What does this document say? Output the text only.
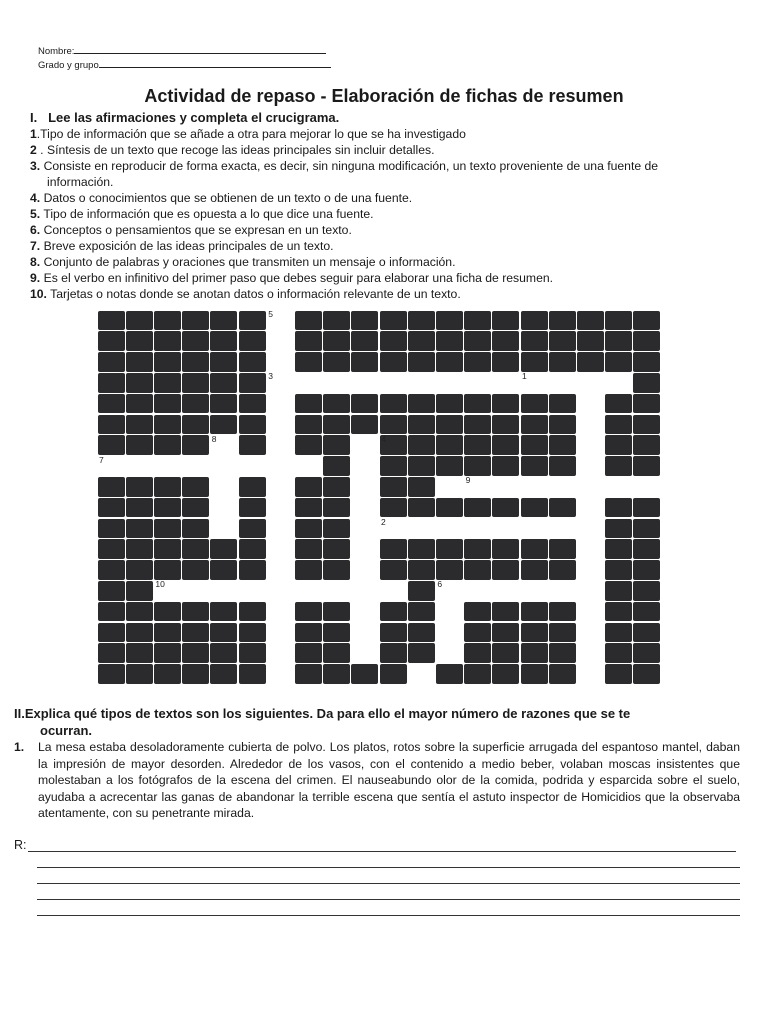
Nombre:
Grado y grupo
Actividad de repaso - Elaboración de fichas de resumen
I. Lee las afirmaciones y completa el crucigrama.
1.Tipo de información que se añade a otra para mejorar lo que se ha investigado
2 . Síntesis de un texto que recoge las ideas principales sin incluir detalles.
3. Consiste en reproducir de forma exacta, es decir, sin ninguna modificación, un texto proveniente de una fuente de
información.
4. Datos o conocimientos que se obtienen de un texto o de una fuente.
5. Tipo de información que es opuesta a lo que dice una fuente.
6. Conceptos o pensamientos que se expresan en un texto.
7. Breve exposición de las ideas principales de un texto.
8. Conjunto de palabras y oraciones que transmiten un mensaje o información.
9. Es el verbo en infinitivo del primer paso que debes seguir para elaborar una ficha de resumen.
10. Tarjetas o notas donde se anotan datos o información relevante de un texto.
5
3	1
8	4
7
9
2
10	6
II.Explica qué tipos de textos son los siguientes. Da para ello el mayor número de razones que se te
ocurran.
1. La mesa estaba desoladoramente cubierta de polvo. Los platos, rotos sobre la superficie arrugada del espantoso mantel, daban la impresión de mayor desorden. Alrededor de los vasos, con el contenido a medio beber, volaban moscas insistentes que molestaban a los fotógrafos de la escena del crimen. El nauseabundo olor de la comida, podrida y esparcida sobre el suelo, ayudaba a acrecentar las ganas de abandonar la terrible escena que sentía el astuto inspector de Homicidios que la observaba atentamente, con su penetrante mirada.
R:
